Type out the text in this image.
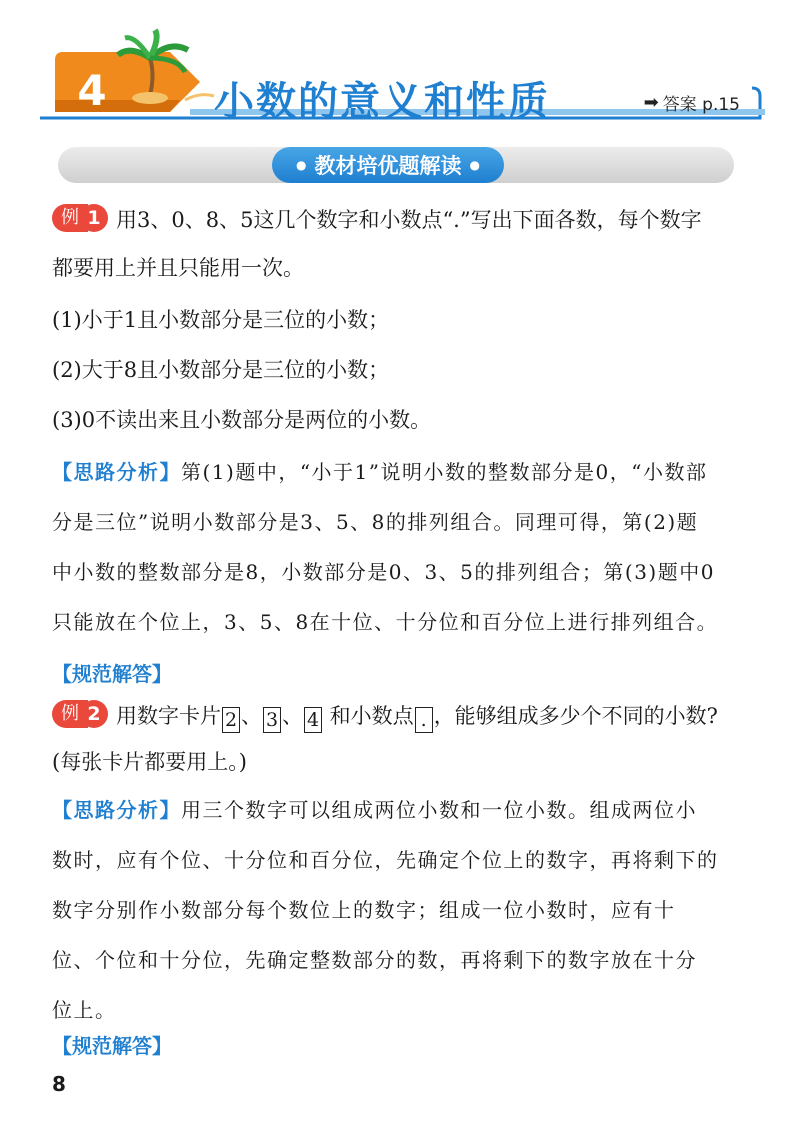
4	小数的意义和性质	➡ 答案 p.15
● 教材培优题解读 ●
例 1 用3、0、8、5这几个数字和小数点“.”写出下面各数，每个数字
都要用上并且只能用一次。
(1)小于1且小数部分是三位的小数；
(2)大于8且小数部分是三位的小数；
(3)0不读出来且小数部分是两位的小数。
【思路分析】第(1)题中，“小于1”说明小数的整数部分是0，“小数部
分是三位”说明小数部分是3、5、8的排列组合。同理可得，第(2)题
中小数的整数部分是8，小数部分是0、3、5的排列组合；第(3)题中0
只能放在个位上，3、5、8在十位、十分位和百分位上进行排列组合。
【规范解答】
例 2 用数字卡片 2 、 3 、 4 和小数点 . ，能够组成多少个不同的小数?
(每张卡片都要用上。)
【思路分析】用三个数字可以组成两位小数和一位小数。组成两位小
数时，应有个位、十分位和百分位，先确定个位上的数字，再将剩下的
数字分别作小数部分每个数位上的数字；组成一位小数时，应有十
位、个位和十分位，先确定整数部分的数，再将剩下的数字放在十分
位上。
【规范解答】
8
